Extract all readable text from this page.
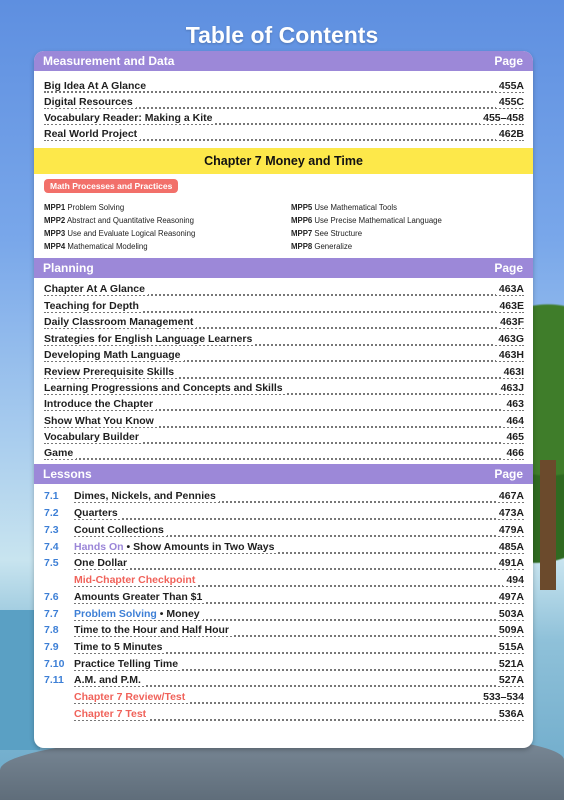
Table of Contents
Measurement and Data	Page
Big Idea At A Glance	455A
Digital Resources	455C
Vocabulary Reader: Making a Kite	455–458
Real World Project	462B
Chapter 7 Money and Time
Math Processes and Practices
MPP1 Problem Solving
MPP2 Abstract and Quantitative Reasoning
MPP3 Use and Evaluate Logical Reasoning
MPP4 Mathematical Modeling
MPP5 Use Mathematical Tools
MPP6 Use Precise Mathematical Language
MPP7 See Structure
MPP8 Generalize
Planning	Page
Chapter At A Glance	463A
Teaching for Depth	463E
Daily Classroom Management	463F
Strategies for English Language Learners	463G
Developing Math Language	463H
Review Prerequisite Skills	463I
Learning Progressions and Concepts and Skills	463J
Introduce the Chapter	463
Show What You Know	464
Vocabulary Builder	465
Game	466
Lessons	Page
7.1	Dimes, Nickels, and Pennies	467A
7.2	Quarters	473A
7.3	Count Collections	479A
7.4	Hands On • Show Amounts in Two Ways	485A
7.5	One Dollar	491A
Mid-Chapter Checkpoint	494
7.6	Amounts Greater Than $1	497A
7.7	Problem Solving • Money	503A
7.8	Time to the Hour and Half Hour	509A
7.9	Time to 5 Minutes	515A
7.10 Practice Telling Time	521A
7.11 A.M. and P.M.	527A
Chapter 7 Review/Test	533–534
Chapter 7 Test	536A
